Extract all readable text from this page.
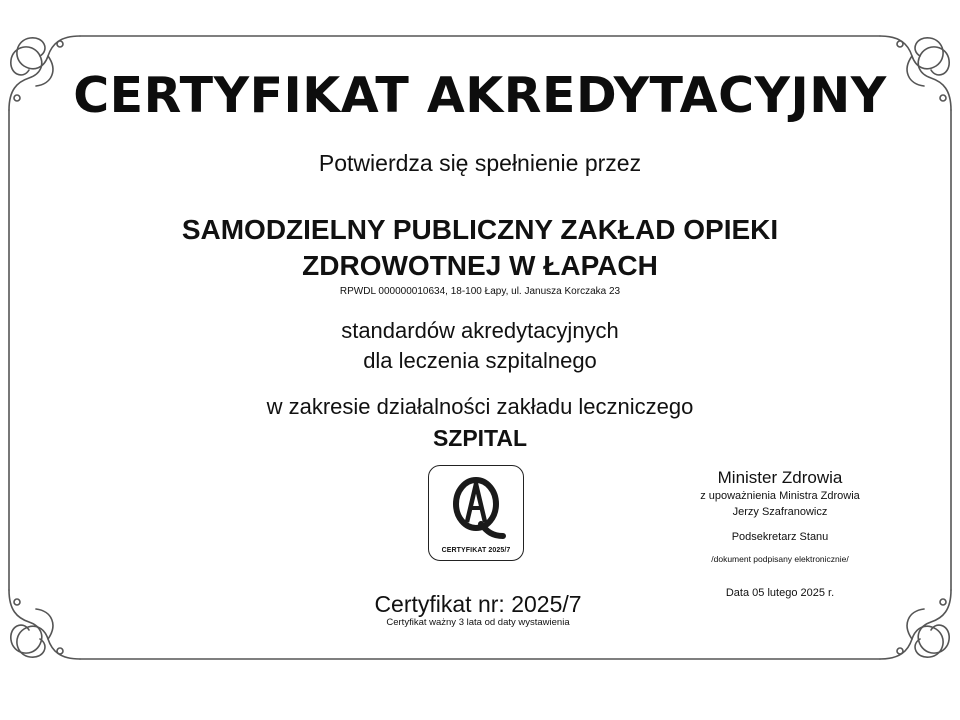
CERTYFIKAT AKREDYTACYJNY

Potwierdza się spełnienie przez

SAMODZIELNY PUBLICZNY ZAKŁAD OPIEKI

ZDROWOTNEJ W ŁAPACH

RPWDL 000000010634, 18-100 Łapy, ul. Janusza Korczaka 23

standardów akredytacyjnych

dla leczenia szpitalnego

w zakresie działalności zakładu leczniczego

SZPITAL

CERTYFIKAT 2025/7
Certyfikat nr: 2025/7
Certyfikat ważny 3 lata od daty wystawienia

Minister Zdrowia

z upoważnienia Ministra Zdrowia

Jerzy Szafranowicz

Podsekretarz Stanu

/dokument podpisany elektronicznie/

Data 05 lutego 2025 r.
